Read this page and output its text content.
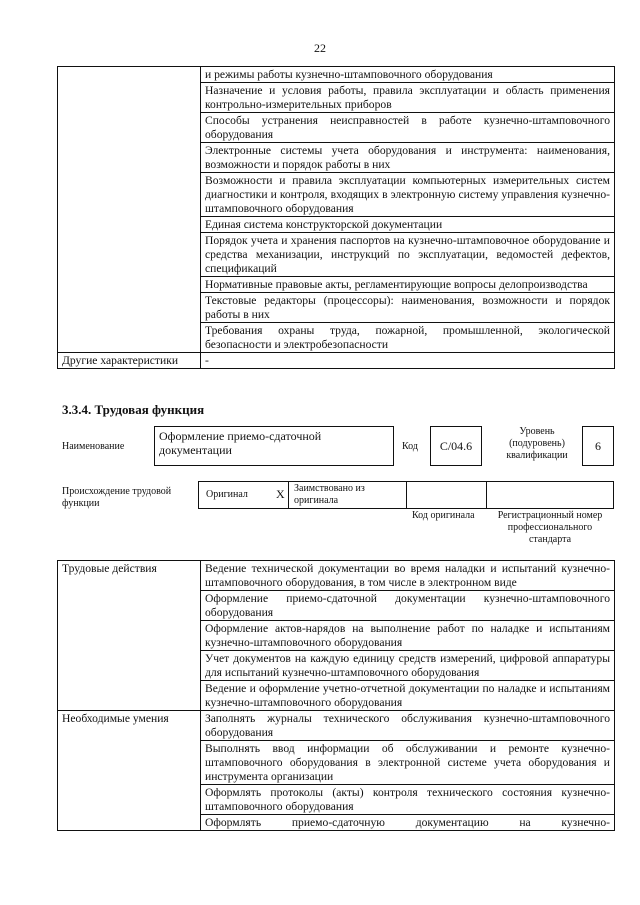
22
	и режимы работы кузнечно-штамповочного оборудования
	Назначение и условия работы, правила эксплуатации и область применения контрольно-измерительных приборов
	Способы устранения неисправностей в работе кузнечно-штамповочного оборудования
	Электронные системы учета оборудования и инструмента: наименования, возможности и порядок работы в них
	Возможности и правила эксплуатации компьютерных измерительных систем диагностики и контроля, входящих в электронную систему управления кузнечно-штамповочного оборудования
	Единая система конструкторской документации
	Порядок учета и хранения паспортов на кузнечно-штамповочное оборудование и средства механизации, инструкций по эксплуатации, ведомостей дефектов, спецификаций
	Нормативные правовые акты, регламентирующие вопросы делопроизводства
	Текстовые редакторы (процессоры): наименования, возможности и порядок работы в них
	Требования охраны труда, пожарной, промышленной, экологической безопасности и электробезопасности
Другие характеристики	-
3.3.4. Трудовая функция
Наименование
Оформление приемо-сдаточной документации	Код	С/04.6
Уровень (подуровень) квалификации
6
Происхождение трудовой функции
Оригинал X Заимствовано из оригинала
Код оригинала	Регистрационный номер профессионального стандарта
Трудовые действия	Ведение технической документации во время наладки и испытаний кузнечно-штамповочного оборудования, в том числе в электронном виде
	Оформление приемо-сдаточной документации кузнечно-штамповочного оборудования
	Оформление актов-нарядов на выполнение работ по наладке и испытаниям кузнечно-штамповочного оборудования
	Учет документов на каждую единицу средств измерений, цифровой аппаратуры для испытаний кузнечно-штамповочного оборудования
	Ведение и оформление учетно-отчетной документации по наладке и испытаниям кузнечно-штамповочного оборудования
Необходимые умения	Заполнять журналы технического обслуживания кузнечно-штамповочного оборудования
	Выполнять ввод информации об обслуживании и ремонте кузнечно-штамповочного оборудования в электронной системе учета оборудования и инструмента организации
	Оформлять протоколы (акты) контроля технического состояния кузнечно-штамповочного оборудования
	Оформлять приемо-сдаточную документацию на кузнечно-
